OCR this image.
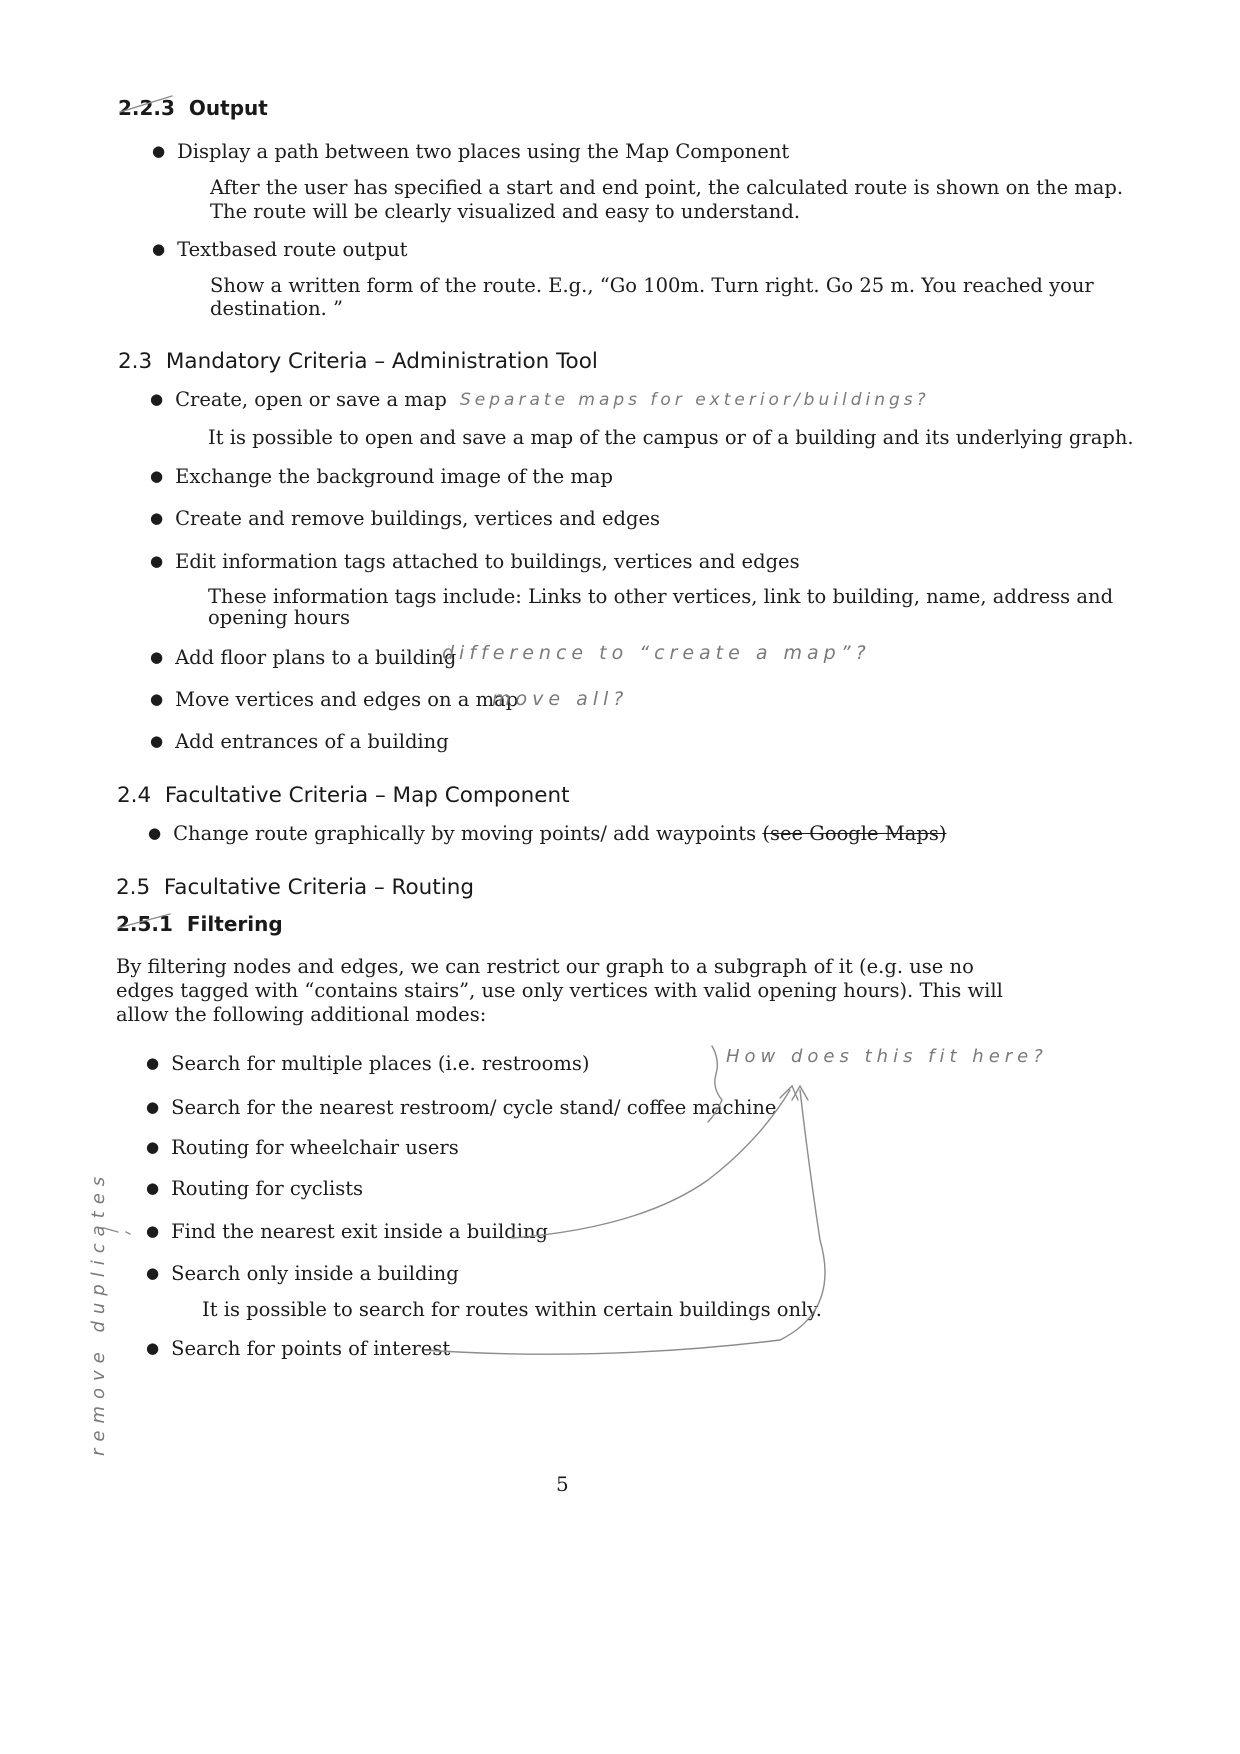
2.2.3 Output
● Display a path between two places using the Map Component
After the user has specified a start and end point, the calculated route is shown on the map.
The route will be clearly visualized and easy to understand.
● Textbased route output
Show a written form of the route. E.g., “Go 100m. Turn right. Go 25 m. You reached your
destination. ”
2.3 Mandatory Criteria – Administration Tool
● Create, open or save a map Separate maps for exterior/buildings?
It is possible to open and save a map of the campus or of a building and its underlying graph.
● Exchange the background image of the map
● Create and remove buildings, vertices and edges
● Edit information tags attached to buildings, vertices and edges
These information tags include: Links to other vertices, link to building, name, address and
opening hours
● Add floor plans to a building
difference to “create a map”?
● Move vertices and edges on a map
move all?
● Add entrances of a building
2.4 Facultative Criteria – Map Component
● Change route graphically by moving points/ add waypoints (see Google Maps)
2.5 Facultative Criteria – Routing
2.5.1 Filtering
By filtering nodes and edges, we can restrict our graph to a subgraph of it (e.g. use no edges tagged with “contains stairs”, use only vertices with valid opening hours). This will allow the following additional modes:
● Search for multiple places (i.e. restrooms)
● Search for the nearest restroom/ cycle stand/ coffee machine
● Routing for wheelchair users
● Routing for cyclists
● Find the nearest exit inside a building
● Search only inside a building
It is possible to search for routes within certain buildings only.
● Search for points of interest
How does this fit here?
remove duplicates
5
